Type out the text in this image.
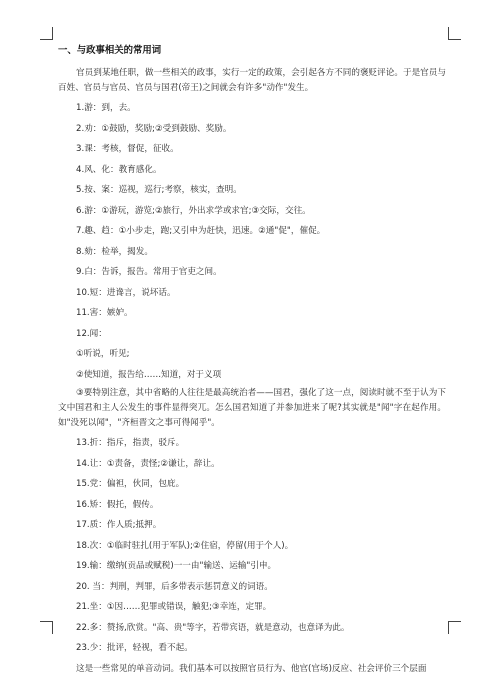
一、与政事相关的常用词
官员到某地任职，做一些相关的政事，实行一定的政策，会引起各方不同的褒贬评论。于是官员与百姓、官员与官员、官员与国君(帝王)之间就会有许多"动作"发生。
1.游：到，去。
2.劝：①鼓励，奖励;②受到鼓励、奖励。
3.课：考核，督促，征收。
4.风、化：教育感化。
5.按、案：巡视，巡行;考察，核实，查明。
6.游：①游玩，游览;②旅行，外出求学或求官;③交际，交往。
7.趣、趋：①小步走，跑;又引申为赶快，迅速。②通"促"，催促。
8.劾：检举，揭发。
9.白：告诉，报告。常用于官吏之间。
10.短：进谗言，说坏话。
11.害：嫉妒。
12.闻：
①听说，听见;
②使知道，报告给……知道，对于义项
③要特别注意，其中省略的人往往是最高统治者——国君，强化了这一点，阅读时就不至于认为下文中国君和主人公发生的事件显得突兀。怎么国君知道了并参加进来了呢?其实就是"闻"字在起作用。如"没死以闻"，"齐桓晋文之事可得闻乎"。
13.折：指斥，指责，驳斥。
14.让：①责备，责怪;②谦让，辞让。
15.党：偏袒，伙同，包庇。
16.矫：假托，假传。
17.质：作人质;抵押。
18.次：①临时驻扎(用于军队);②住宿，停留(用于个人)。
19.输：缴纳(贡品或赋税)一一由"输送、运输"引申。
20. 当：判刑，判罪，后多带表示惩罚意义的词语。
21.坐：①因……犯罪或错误，触犯;③幸连，定罪。
22.多：赞扬,欣赏。"高、贵"等字，若带宾语，就是意动，也意译为此。
23.少：批评，轻视，看不起。
这是一些常见的单音动词。我们基本可以按照官员行为、他官(官场)反应、社会评价三个层面
